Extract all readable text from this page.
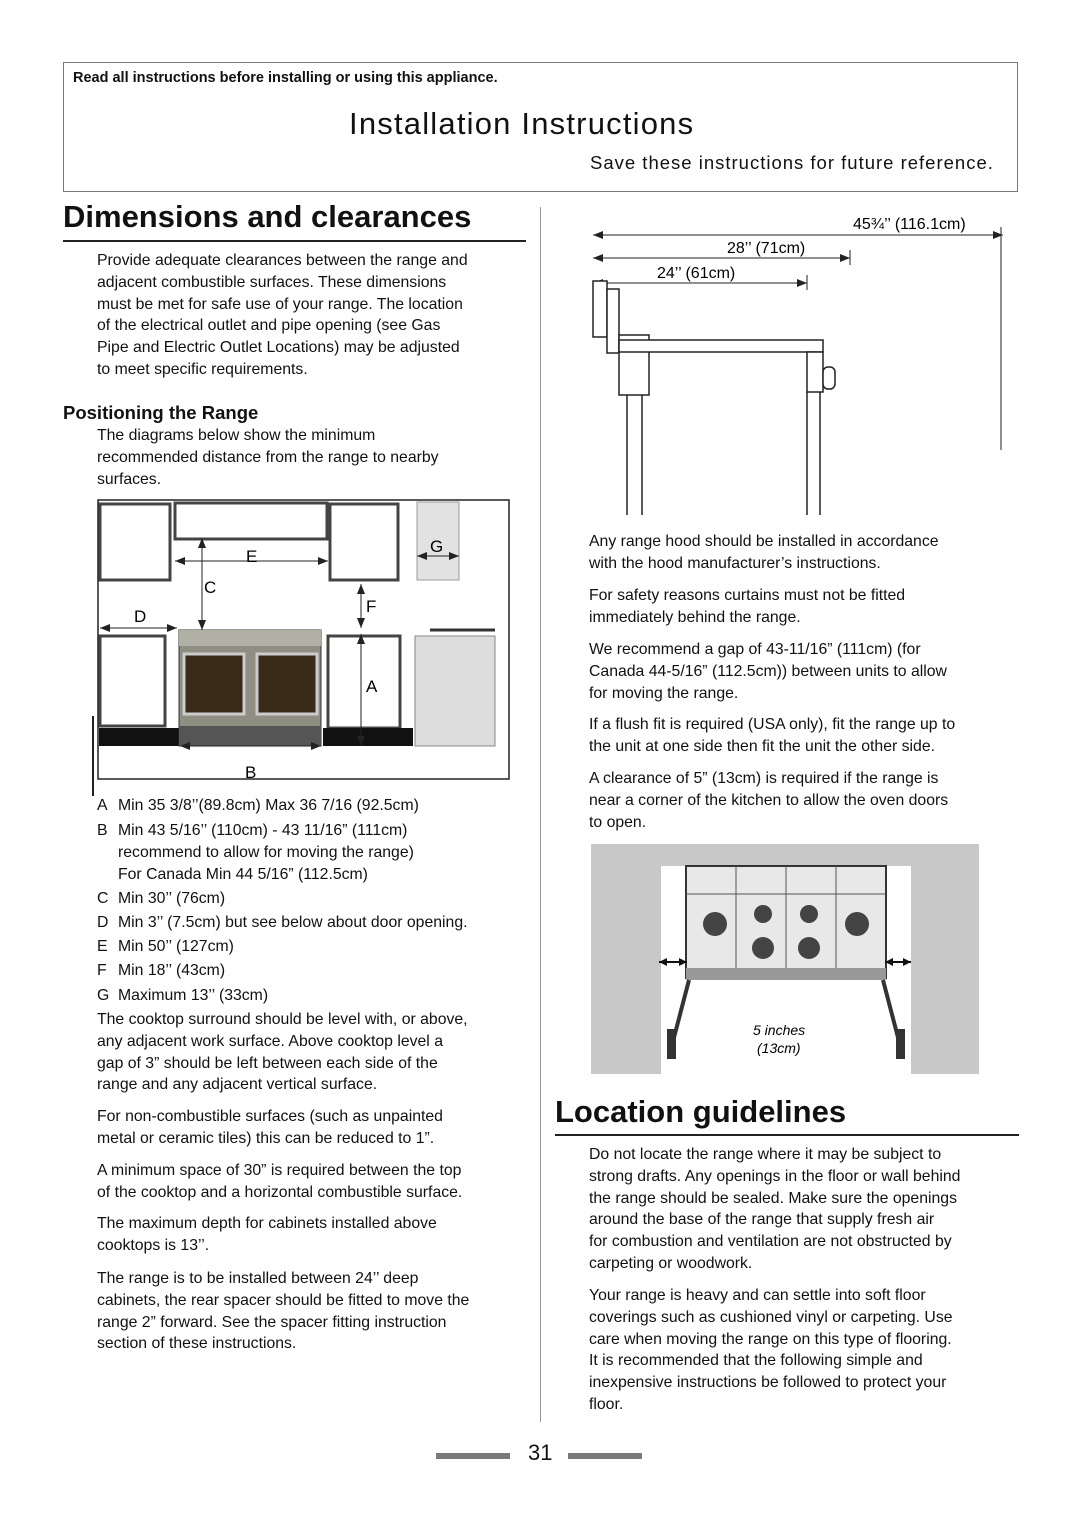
Read all instructions before installing or using this appliance.
Installation Instructions
Save these instructions for future reference.
Dimensions and clearances
Provide adequate clearances between the range and
adjacent combustible surfaces. These dimensions
must be met for safe use of your range. The location
of the electrical outlet and pipe opening (see Gas
Pipe and Electric Outlet Locations) may be adjusted
to meet specific requirements.
Positioning the Range
The diagrams below show the minimum
recommended distance from the range to nearby
surfaces.
E
C
D
F
A
G
B
A Min 35 3/8’’(89.8cm) Max 36 7/16 (92.5cm)
B Min 43 5/16’’ (110cm) - 43 11/16” (111cm)
recommend to allow for moving the range)
For Canada Min 44 5/16” (112.5cm)
C Min 30’’ (76cm)
D Min 3’’ (7.5cm) but see below about door opening.
E Min 50’’ (127cm)
F Min 18’’ (43cm)
G Maximum 13’’ (33cm)
The cooktop surround should be level with, or above,
any adjacent work surface. Above cooktop level a
gap of 3” should be left between each side of the
range and any adjacent vertical surface.
For non-combustible surfaces (such as unpainted
metal or ceramic tiles) this can be reduced to 1”.
A minimum space of 30” is required between the top
of the cooktop and a horizontal combustible surface.
The maximum depth for cabinets installed above
cooktops is 13’’.
The range is to be installed between 24’’ deep
cabinets, the rear spacer should be fitted to move the
range 2” forward. See the spacer fitting instruction
section of these instructions.
45¾’’ (116.1cm)
28’’ (71cm)
24’’ (61cm)
Any range hood should be installed in accordance
with the hood manufacturer’s instructions.
For safety reasons curtains must not be fitted
immediately behind the range.
We recommend a gap of 43-11/16” (111cm) (for
Canada 44-5/16” (112.5cm)) between units to allow
for moving the range.
If a flush fit is required (USA only), fit the range up to
the unit at one side then fit the unit the other side.
A clearance of 5” (13cm) is required if the range is
near a corner of the kitchen to allow the oven doors
to open.
5 inches
(13cm)
Location guidelines
Do not locate the range where it may be subject to
strong drafts. Any openings in the floor or wall behind
the range should be sealed. Make sure the openings
around the base of the range that supply fresh air
for combustion and ventilation are not obstructed by
carpeting or woodwork.
Your range is heavy and can settle into soft floor
coverings such as cushioned vinyl or carpeting. Use
care when moving the range on this type of flooring.
It is recommended that the following simple and
inexpensive instructions be followed to protect your
floor.
31
